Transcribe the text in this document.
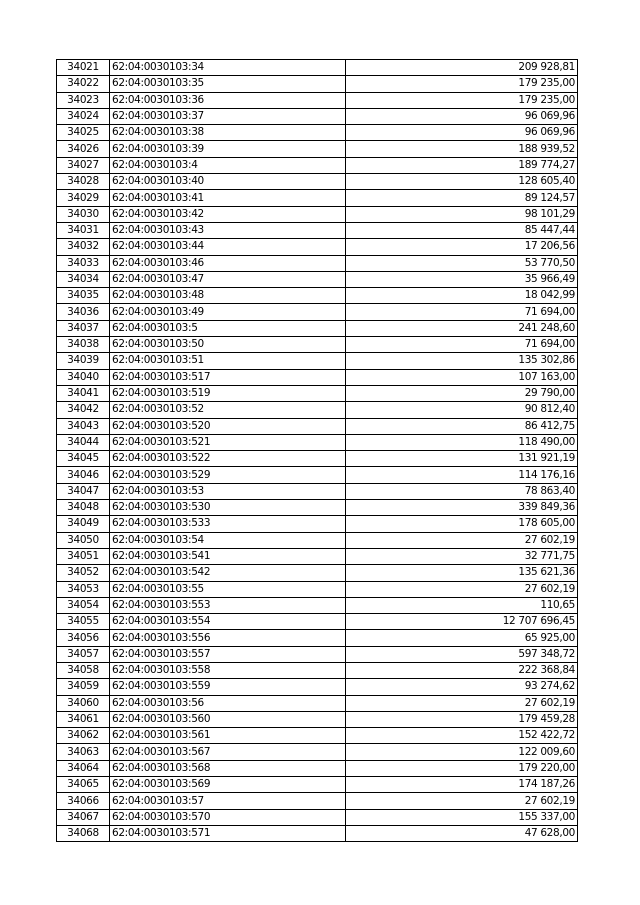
34021	62:04:0030103:34	209 928,81
34022	62:04:0030103:35	179 235,00
34023	62:04:0030103:36	179 235,00
34024	62:04:0030103:37	96 069,96
34025	62:04:0030103:38	96 069,96
34026	62:04:0030103:39	188 939,52
34027	62:04:0030103:4	189 774,27
34028	62:04:0030103:40	128 605,40
34029	62:04:0030103:41	89 124,57
34030	62:04:0030103:42	98 101,29
34031	62:04:0030103:43	85 447,44
34032	62:04:0030103:44	17 206,56
34033	62:04:0030103:46	53 770,50
34034	62:04:0030103:47	35 966,49
34035	62:04:0030103:48	18 042,99
34036	62:04:0030103:49	71 694,00
34037	62:04:0030103:5	241 248,60
34038	62:04:0030103:50	71 694,00
34039	62:04:0030103:51	135 302,86
34040	62:04:0030103:517	107 163,00
34041	62:04:0030103:519	29 790,00
34042	62:04:0030103:52	90 812,40
34043	62:04:0030103:520	86 412,75
34044	62:04:0030103:521	118 490,00
34045	62:04:0030103:522	131 921,19
34046	62:04:0030103:529	114 176,16
34047	62:04:0030103:53	78 863,40
34048	62:04:0030103:530	339 849,36
34049	62:04:0030103:533	178 605,00
34050	62:04:0030103:54	27 602,19
34051	62:04:0030103:541	32 771,75
34052	62:04:0030103:542	135 621,36
34053	62:04:0030103:55	27 602,19
34054	62:04:0030103:553	110,65
34055	62:04:0030103:554	12 707 696,45
34056	62:04:0030103:556	65 925,00
34057	62:04:0030103:557	597 348,72
34058	62:04:0030103:558	222 368,84
34059	62:04:0030103:559	93 274,62
34060	62:04:0030103:56	27 602,19
34061	62:04:0030103:560	179 459,28
34062	62:04:0030103:561	152 422,72
34063	62:04:0030103:567	122 009,60
34064	62:04:0030103:568	179 220,00
34065	62:04:0030103:569	174 187,26
34066	62:04:0030103:57	27 602,19
34067	62:04:0030103:570	155 337,00
34068	62:04:0030103:571	47 628,00
